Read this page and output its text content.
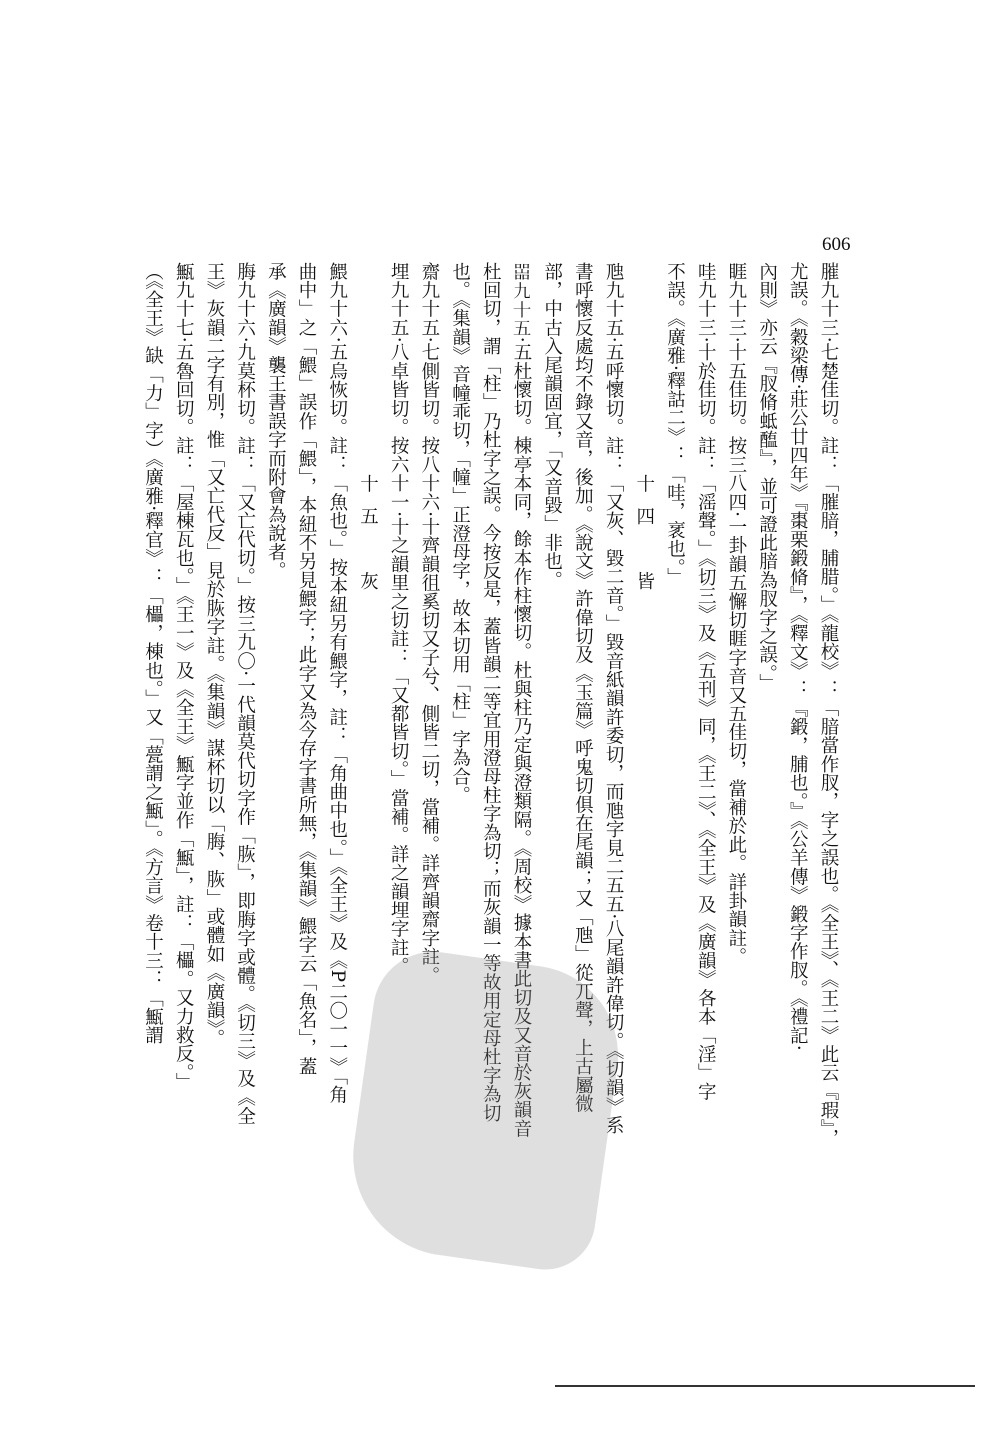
606
膗九十三·七楚佳切。註：「膗腤，脯腊。」《龍校》：「腤當作肞，字之誤也。《全王》、《王二》此云『瑕』，
尤誤。《穀梁傳·莊公廿四年》『棗栗鍛脩』，《釋文》：『鍛，脯也。』《公羊傳》鍛字作肞。《禮記·
內則》亦云『肞脩蚳醢』，並可證此腤為肞字之誤。」
睚九十三·十五佳切。按三八四·一卦韻五懈切睚字音又五佳切，當補於此。詳卦韻註。
哇九十三·十於佳切。註：「滛聲。」《切三》及《五刊》同，《王二》、《全王》及《廣韻》各本「淫」字
不誤。《廣雅·釋詁二》：「哇，衺也。」
十四　皆
虺九十五·五呼懷切。註：「又灰、毀二音。」毀音紙韻許委切，而虺字見二五五·八尾韻許偉切。《切韻》系
書呼懷反處均不錄又音，後加。《說文》許偉切及《玉篇》呼鬼切俱在尾韻；又「虺」從兀聲，上古屬微
部，中古入尾韻固宜，「又音毀」非也。
𡼚九十五·五杜懷切。棟亭本同，餘本作柱懷切。杜與柱乃定與澄類隔。《周校》據本書此切及又音於灰韻音
杜回切，謂「柱」乃杜字之誤。今按反是，蓋皆韻二等宜用澄母柱字為切；而灰韻一等故用定母杜字為切
也。《集韻》音幢乖切，「幢」正澄母字，故本切用「柱」字為合。
齋九十五·七側皆切。按八十六·十齊韻徂奚切又子兮、側皆二切，當補。詳齊韻齋字註。
埋九十五·八卓皆切。按六十一·十之韻里之切註：「又都皆切。」當補。詳之韻埋字註。
十五　灰
鰃九十六·五烏恢切。註：「魚也。」按本紐另有鰃字，註：「角曲中也。」《全王》及《P二〇一一》「角
曲中」之「鰃」誤作「鰃」，本紐不另見鰃字；此字又為今存字書所無，《集韻》鰃字云「魚名」，蓋
承《廣韻》襲王書誤字而附會為說者。
脢九十六·九莫杯切。註：「又亡代切。」按三九〇·一代韻莫代切字作「脄」，即脢字或體。《切三》及《全
王》灰韻二字有別，惟「又亡代反」見於脄字註。《集韻》謀杯切以「脢、脄」或體如《廣韻》。
甒九十七·五魯回切。註：「屋棟瓦也。」《王一》及《全王》甒字並作「甒」，註：「櫑。又力救反。」
（《全王》缺「力」字）《廣雅·釋官》：「櫑，棟也。」又「甍謂之甒」。《方言》卷十三：「甒謂
